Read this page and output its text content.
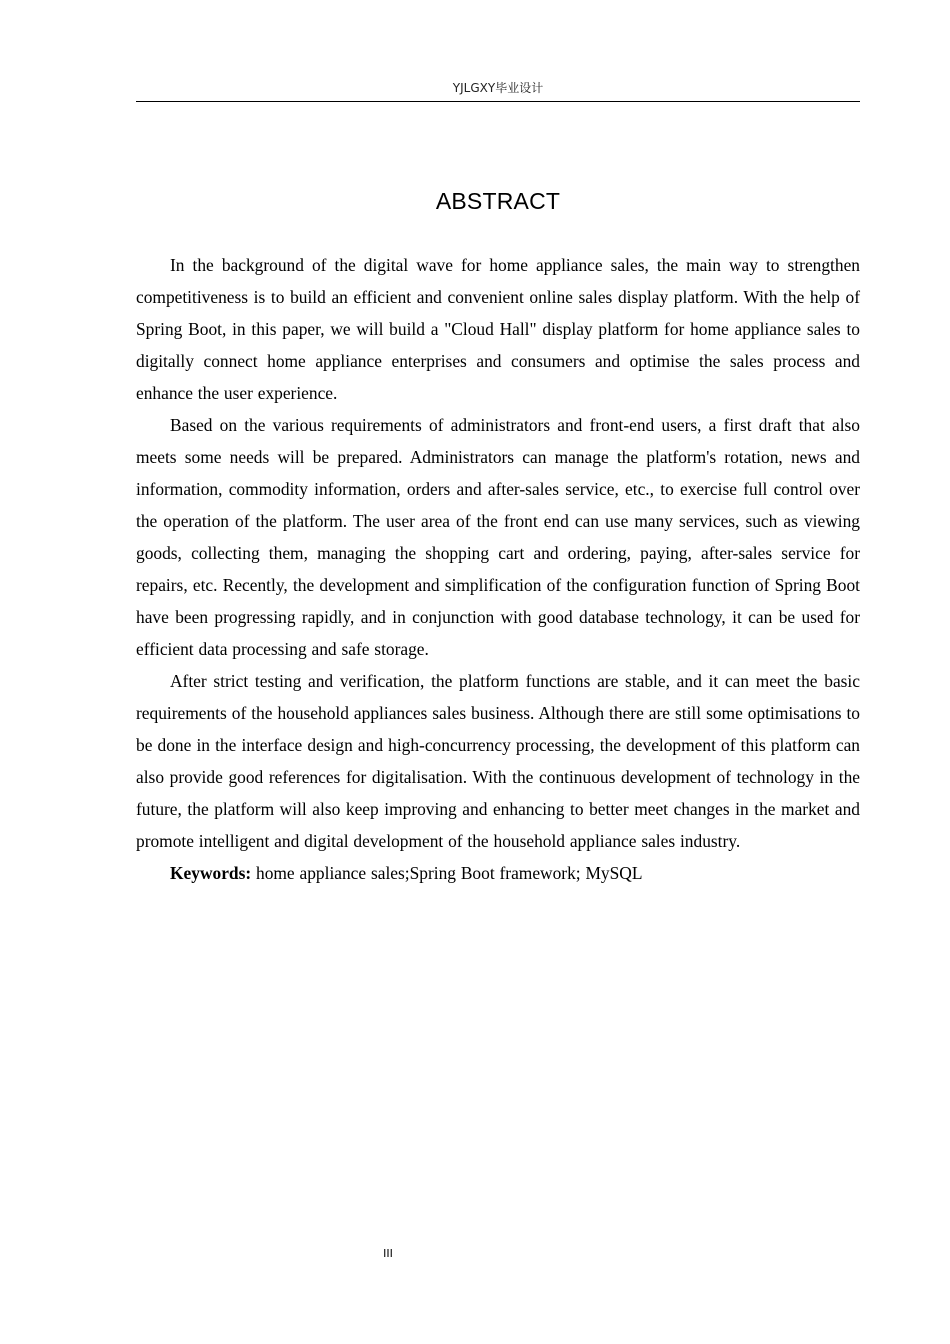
YJLGXY毕业设计
ABSTRACT

In the background of the digital wave for home appliance sales, the main way to strengthen competitiveness is to build an efficient and convenient online sales display platform. With the help of Spring Boot, in this paper, we will build a "Cloud Hall" display platform for home appliance sales to digitally connect home appliance enterprises and consumers and optimise the sales process and enhance the user experience.

Based on the various requirements of administrators and front-end users, a first draft that also meets some needs will be prepared. Administrators can manage the platform's rotation, news and information, commodity information, orders and after-sales service, etc., to exercise full control over the operation of the platform. The user area of the front end can use many services, such as viewing goods, collecting them, managing the shopping cart and ordering, paying, after-sales service for repairs, etc. Recently, the development and simplification of the configuration function of Spring Boot have been progressing rapidly, and in conjunction with good database technology, it can be used for efficient data processing and safe storage.

After strict testing and verification, the platform functions are stable, and it can meet the basic requirements of the household appliances sales business. Although there are still some optimisations to be done in the interface design and high-concurrency processing, the development of this platform can also provide good references for digitalisation. With the continuous development of technology in the future, the platform will also keep improving and enhancing to better meet changes in the market and promote intelligent and digital development of the household appliance sales industry.

Keywords: home appliance sales;Spring Boot framework; MySQL

III
